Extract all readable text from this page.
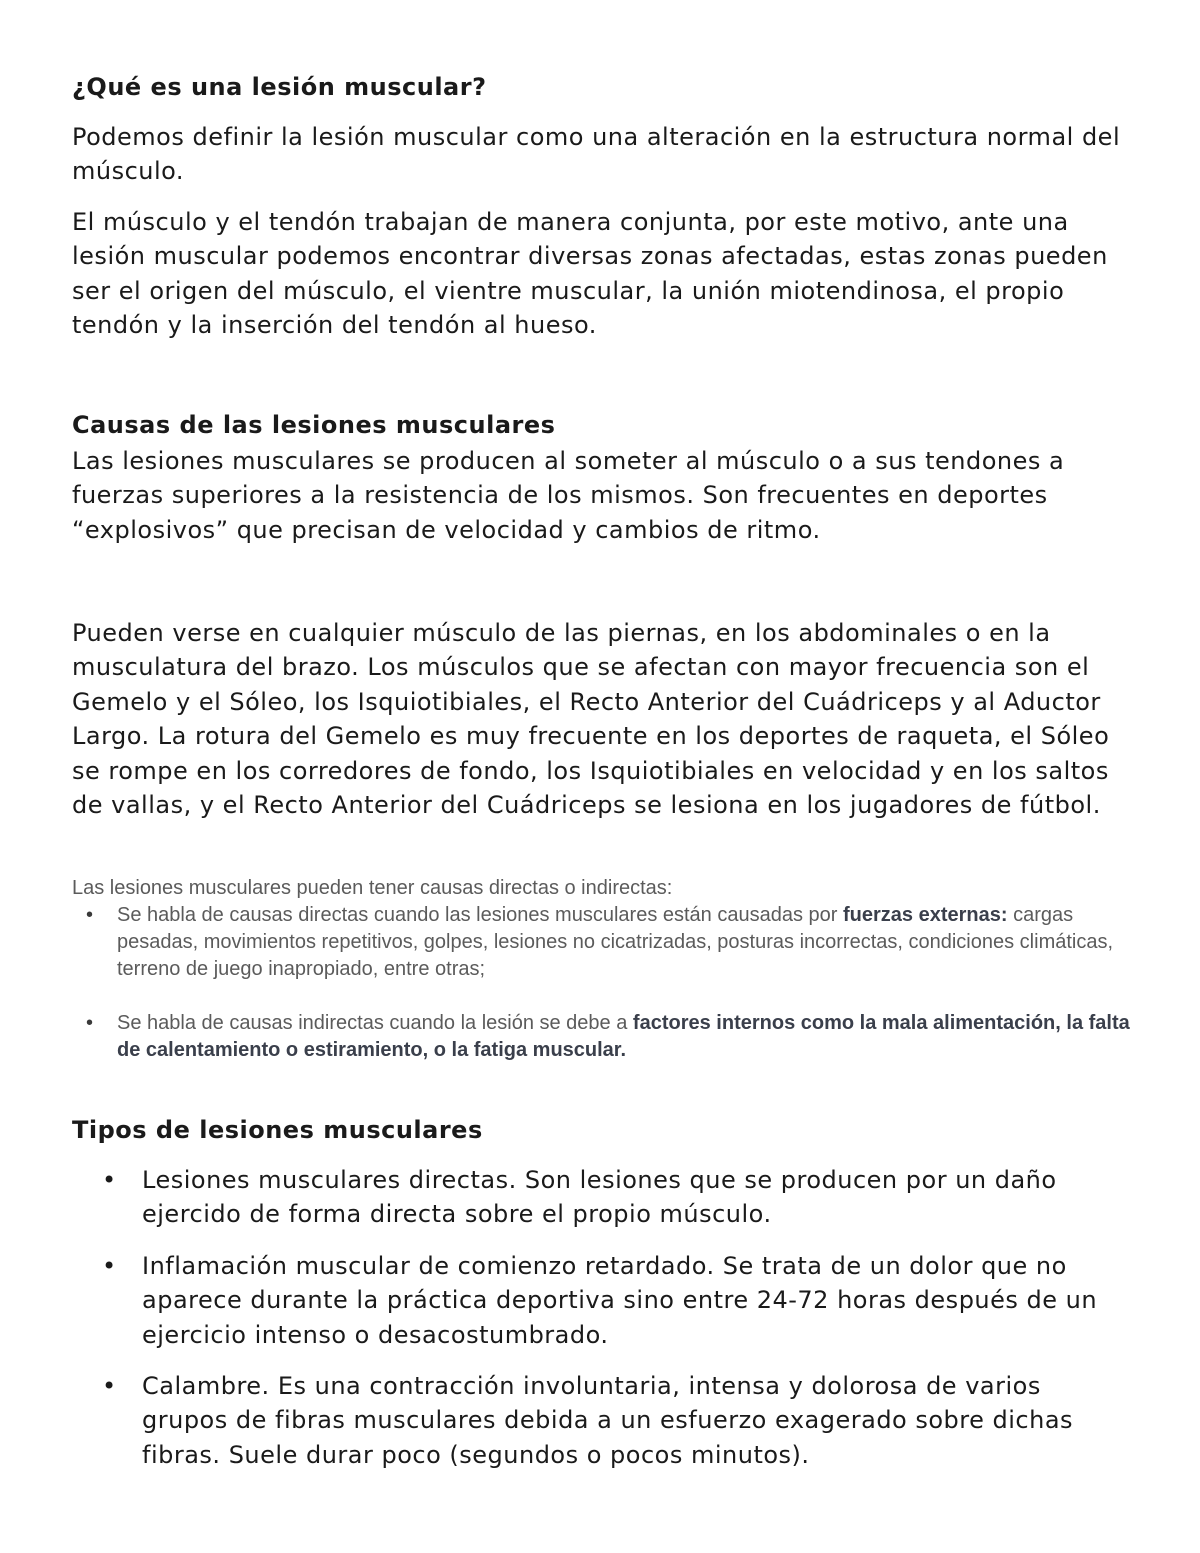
¿Qué es una lesión muscular?

Podemos definir la lesión muscular como una alteración en la estructura normal del músculo.

El músculo y el tendón trabajan de manera conjunta, por este motivo, ante una lesión muscular podemos encontrar diversas zonas afectadas, estas zonas pueden ser el origen del músculo, el vientre muscular, la unión miotendinosa, el propio tendón y la inserción del tendón al hueso.

Causas de las lesiones musculares

Las lesiones musculares se producen al someter al músculo o a sus tendones a fuerzas superiores a la resistencia de los mismos. Son frecuentes en deportes “explosivos” que precisan de velocidad y cambios de ritmo.

Pueden verse en cualquier músculo de las piernas, en los abdominales o en la musculatura del brazo. Los músculos que se afectan con mayor frecuencia son el Gemelo y el Sóleo, los Isquiotibiales, el Recto Anterior del Cuádriceps y al Aductor Largo. La rotura del Gemelo es muy frecuente en los deportes de raqueta, el Sóleo se rompe en los corredores de fondo, los Isquiotibiales en velocidad y en los saltos de vallas, y el Recto Anterior del Cuádriceps se lesiona en los jugadores de fútbol.

Las lesiones musculares pueden tener causas directas o indirectas:

• Se habla de causas directas cuando las lesiones musculares están causadas por fuerzas externas: cargas pesadas, movimientos repetitivos, golpes, lesiones no cicatrizadas, posturas incorrectas, condiciones climáticas, terreno de juego inapropiado, entre otras;
• Se habla de causas indirectas cuando la lesión se debe a factores internos como la mala alimentación, la falta de calentamiento o estiramiento, o la fatiga muscular.
Tipos de lesiones musculares
• Lesiones musculares directas. Son lesiones que se producen por un daño ejercido de forma directa sobre el propio músculo.
• Inflamación muscular de comienzo retardado. Se trata de un dolor que no aparece durante la práctica deportiva sino entre 24-72 horas después de un ejercicio intenso o desacostumbrado.
• Calambre. Es una contracción involuntaria, intensa y dolorosa de varios grupos de fibras musculares debida a un esfuerzo exagerado sobre dichas fibras. Suele durar poco (segundos o pocos minutos).
